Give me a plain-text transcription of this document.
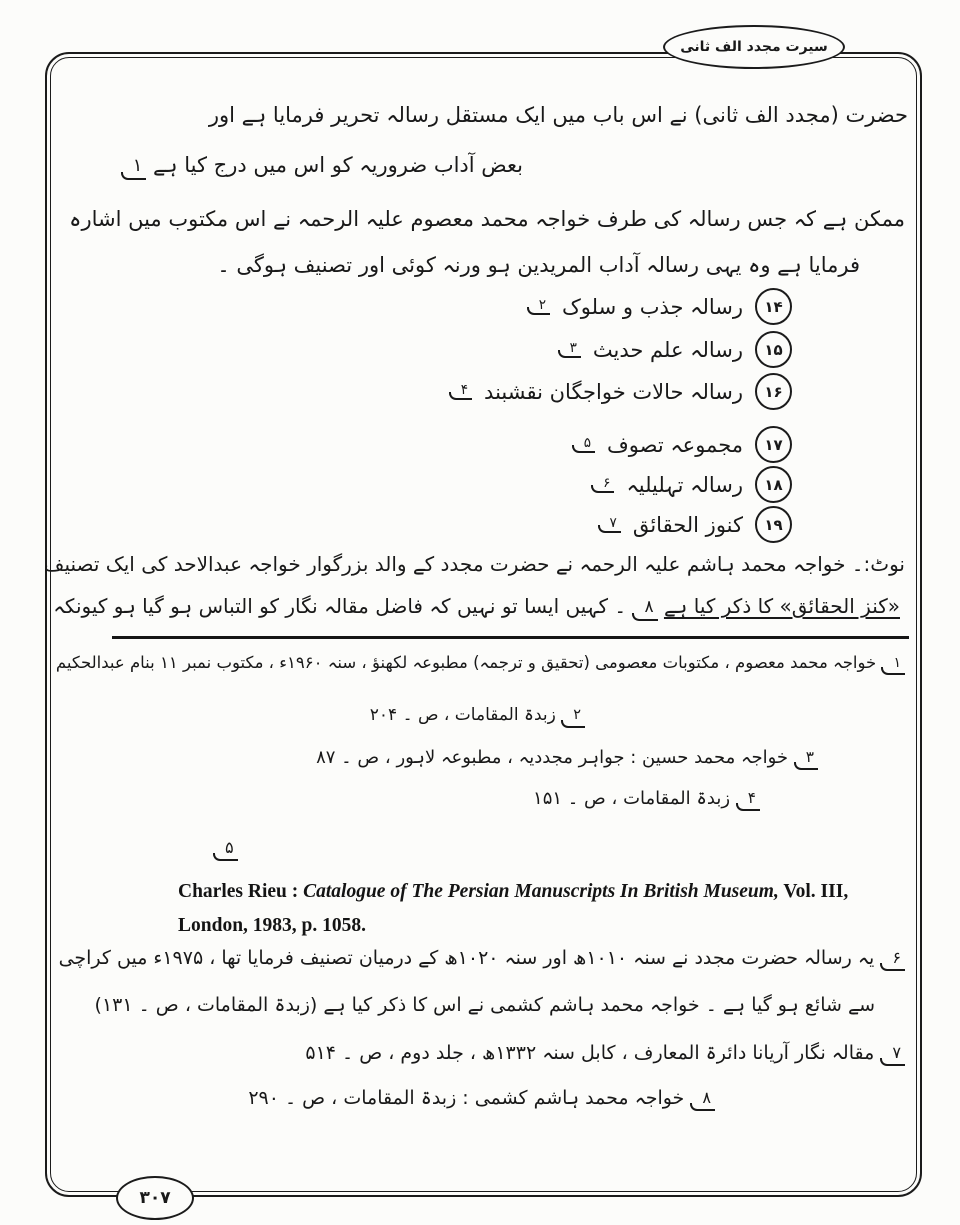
سیرت مجدد الف ثانی
حضرت (مجدد الف ثانی) نے اس باب میں ایک مستقل رسالہ تحریر فرمایا ہے اور
بعض آداب ضروریہ کو اس میں درج کیا ہے ۱
ممکن ہے کہ جس رسالہ کی طرف خواجہ محمد معصوم علیہ الرحمہ نے اس مکتوب میں اشارہ
فرمایا ہے وہ یہی رسالہ آداب المریدین ہو ورنہ کوئی اور تصنیف ہوگی ۔
۱۴
رسالہ جذب و سلوک
۲
۱۵
رسالہ علم حدیث
۳
۱۶
رسالہ حالات خواجگان نقشبند
۴
۱۷
مجموعہ تصوف
۵
۱۸
رسالہ تہلیلیہ
۶
۱۹
کنوز الحقائق
۷
نوٹ:۔ خواجہ محمد ہاشم علیہ الرحمہ نے حضرت مجدد کے والد بزرگوار خواجہ عبدالاحد کی ایک تصنیف
«کنز الحقائق» کا ذکر کیا ہے ۸ ۔ کہیں ایسا تو نہیں کہ فاضل مقالہ نگار کو التباس ہو گیا ہو کیونکہ
۱ خواجہ محمد معصوم ، مکتوبات معصومی (تحقیق و ترجمہ) مطبوعہ لکھنؤ ، سنہ ۱۹۶۰ء ، مکتوب نمبر ۱۱ بنام عبدالحکیم
۲ زبدۃ المقامات ، ص ۔ ۲۰۴
۳ خواجہ محمد حسین : جواہر مجددیہ ، مطبوعہ لاہور ، ص ۔ ۸۷
۴ زبدۃ المقامات ، ص ۔ ۱۵۱
۵
Charles Rieu : Catalogue of The Persian Manuscripts In British Museum, Vol. III, London, 1983, p. 1058.
۶ یہ رسالہ حضرت مجدد نے سنہ ۱۰۱۰ھ اور سنہ ۱۰۲۰ھ کے درمیان تصنیف فرمایا تھا ، ۱۹۷۵ء میں کراچی
سے شائع ہو گیا ہے ۔ خواجہ محمد ہاشم کشمی نے اس کا ذکر کیا ہے (زبدۃ المقامات ، ص ۔ ۱۳۱)
۷ مقالہ نگار آریانا دائرۃ المعارف ، کابل سنہ ۱۳۳۲ھ ، جلد دوم ، ص ۔ ۵۱۴
۸ خواجہ محمد ہاشم کشمی : زبدۃ المقامات ، ص ۔ ۲۹۰
۳۰۷
